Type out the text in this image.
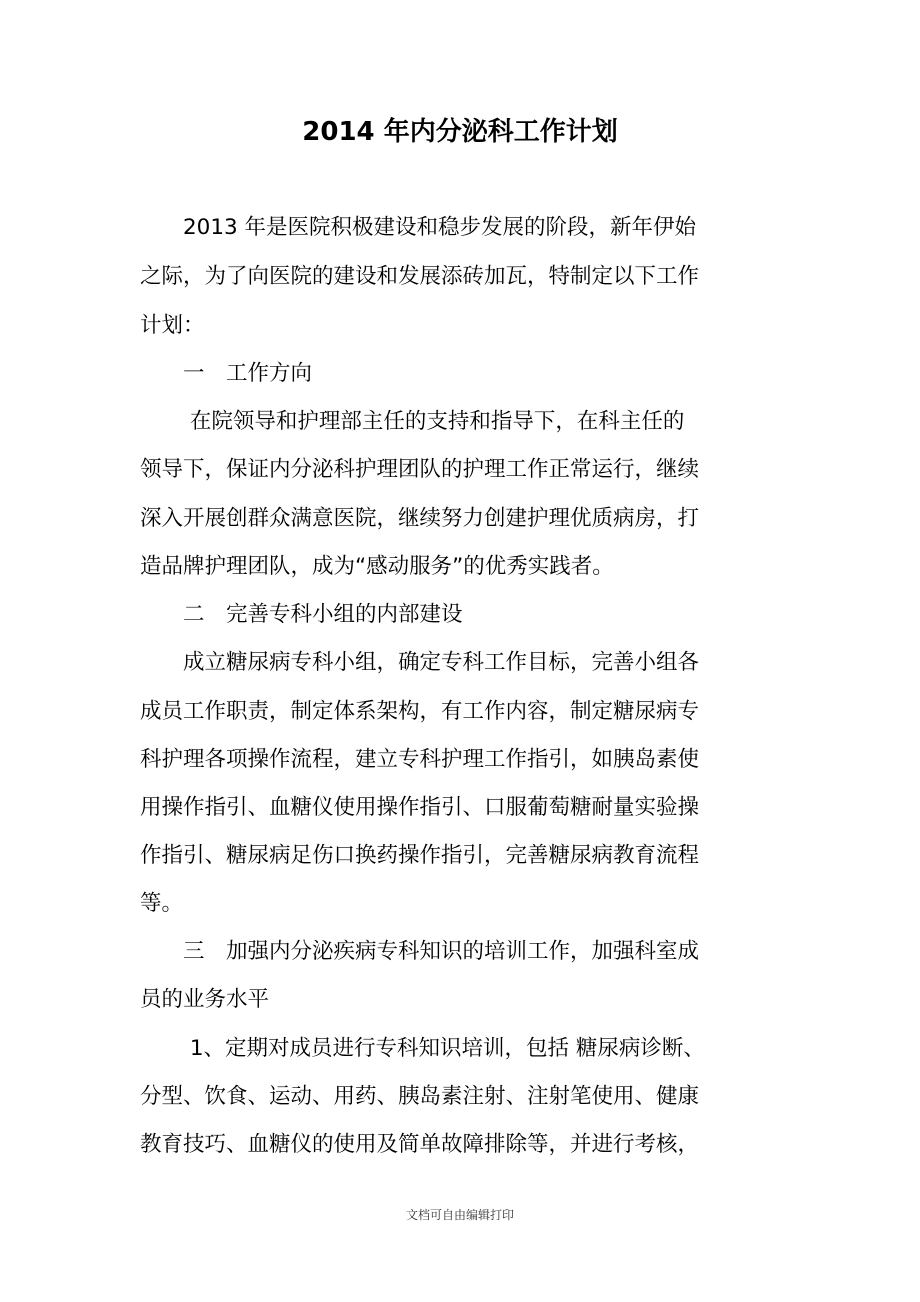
2014 年内分泌科工作计划
　　2013 年是医院积极建设和稳步发展的阶段，新年伊始
之际，为了向医院的建设和发展添砖加瓦，特制定以下工作
计划：
　　一　工作方向
　　 在院领导和护理部主任的支持和指导下，在科主任的
领导下，保证内分泌科护理团队的护理工作正常运行，继续
深入开展创群众满意医院，继续努力创建护理优质病房，打
造品牌护理团队，成为“感动服务”的优秀实践者。
　　二　完善专科小组的内部建设
　　成立糖尿病专科小组，确定专科工作目标，完善小组各
成员工作职责，制定体系架构，有工作内容，制定糖尿病专
科护理各项操作流程，建立专科护理工作指引，如胰岛素使
用操作指引、血糖仪使用操作指引、口服葡萄糖耐量实验操
作指引、糖尿病足伤口换药操作指引，完善糖尿病教育流程
等。
　　三　加强内分泌疾病专科知识的培训工作，加强科室成
员的业务水平
　　 1、定期对成员进行专科知识培训，包括 糖尿病诊断、
分型、饮食、运动、用药、胰岛素注射、注射笔使用、健康
教育技巧、血糖仪的使用及简单故障排除等，并进行考核，
文档可自由编辑打印
